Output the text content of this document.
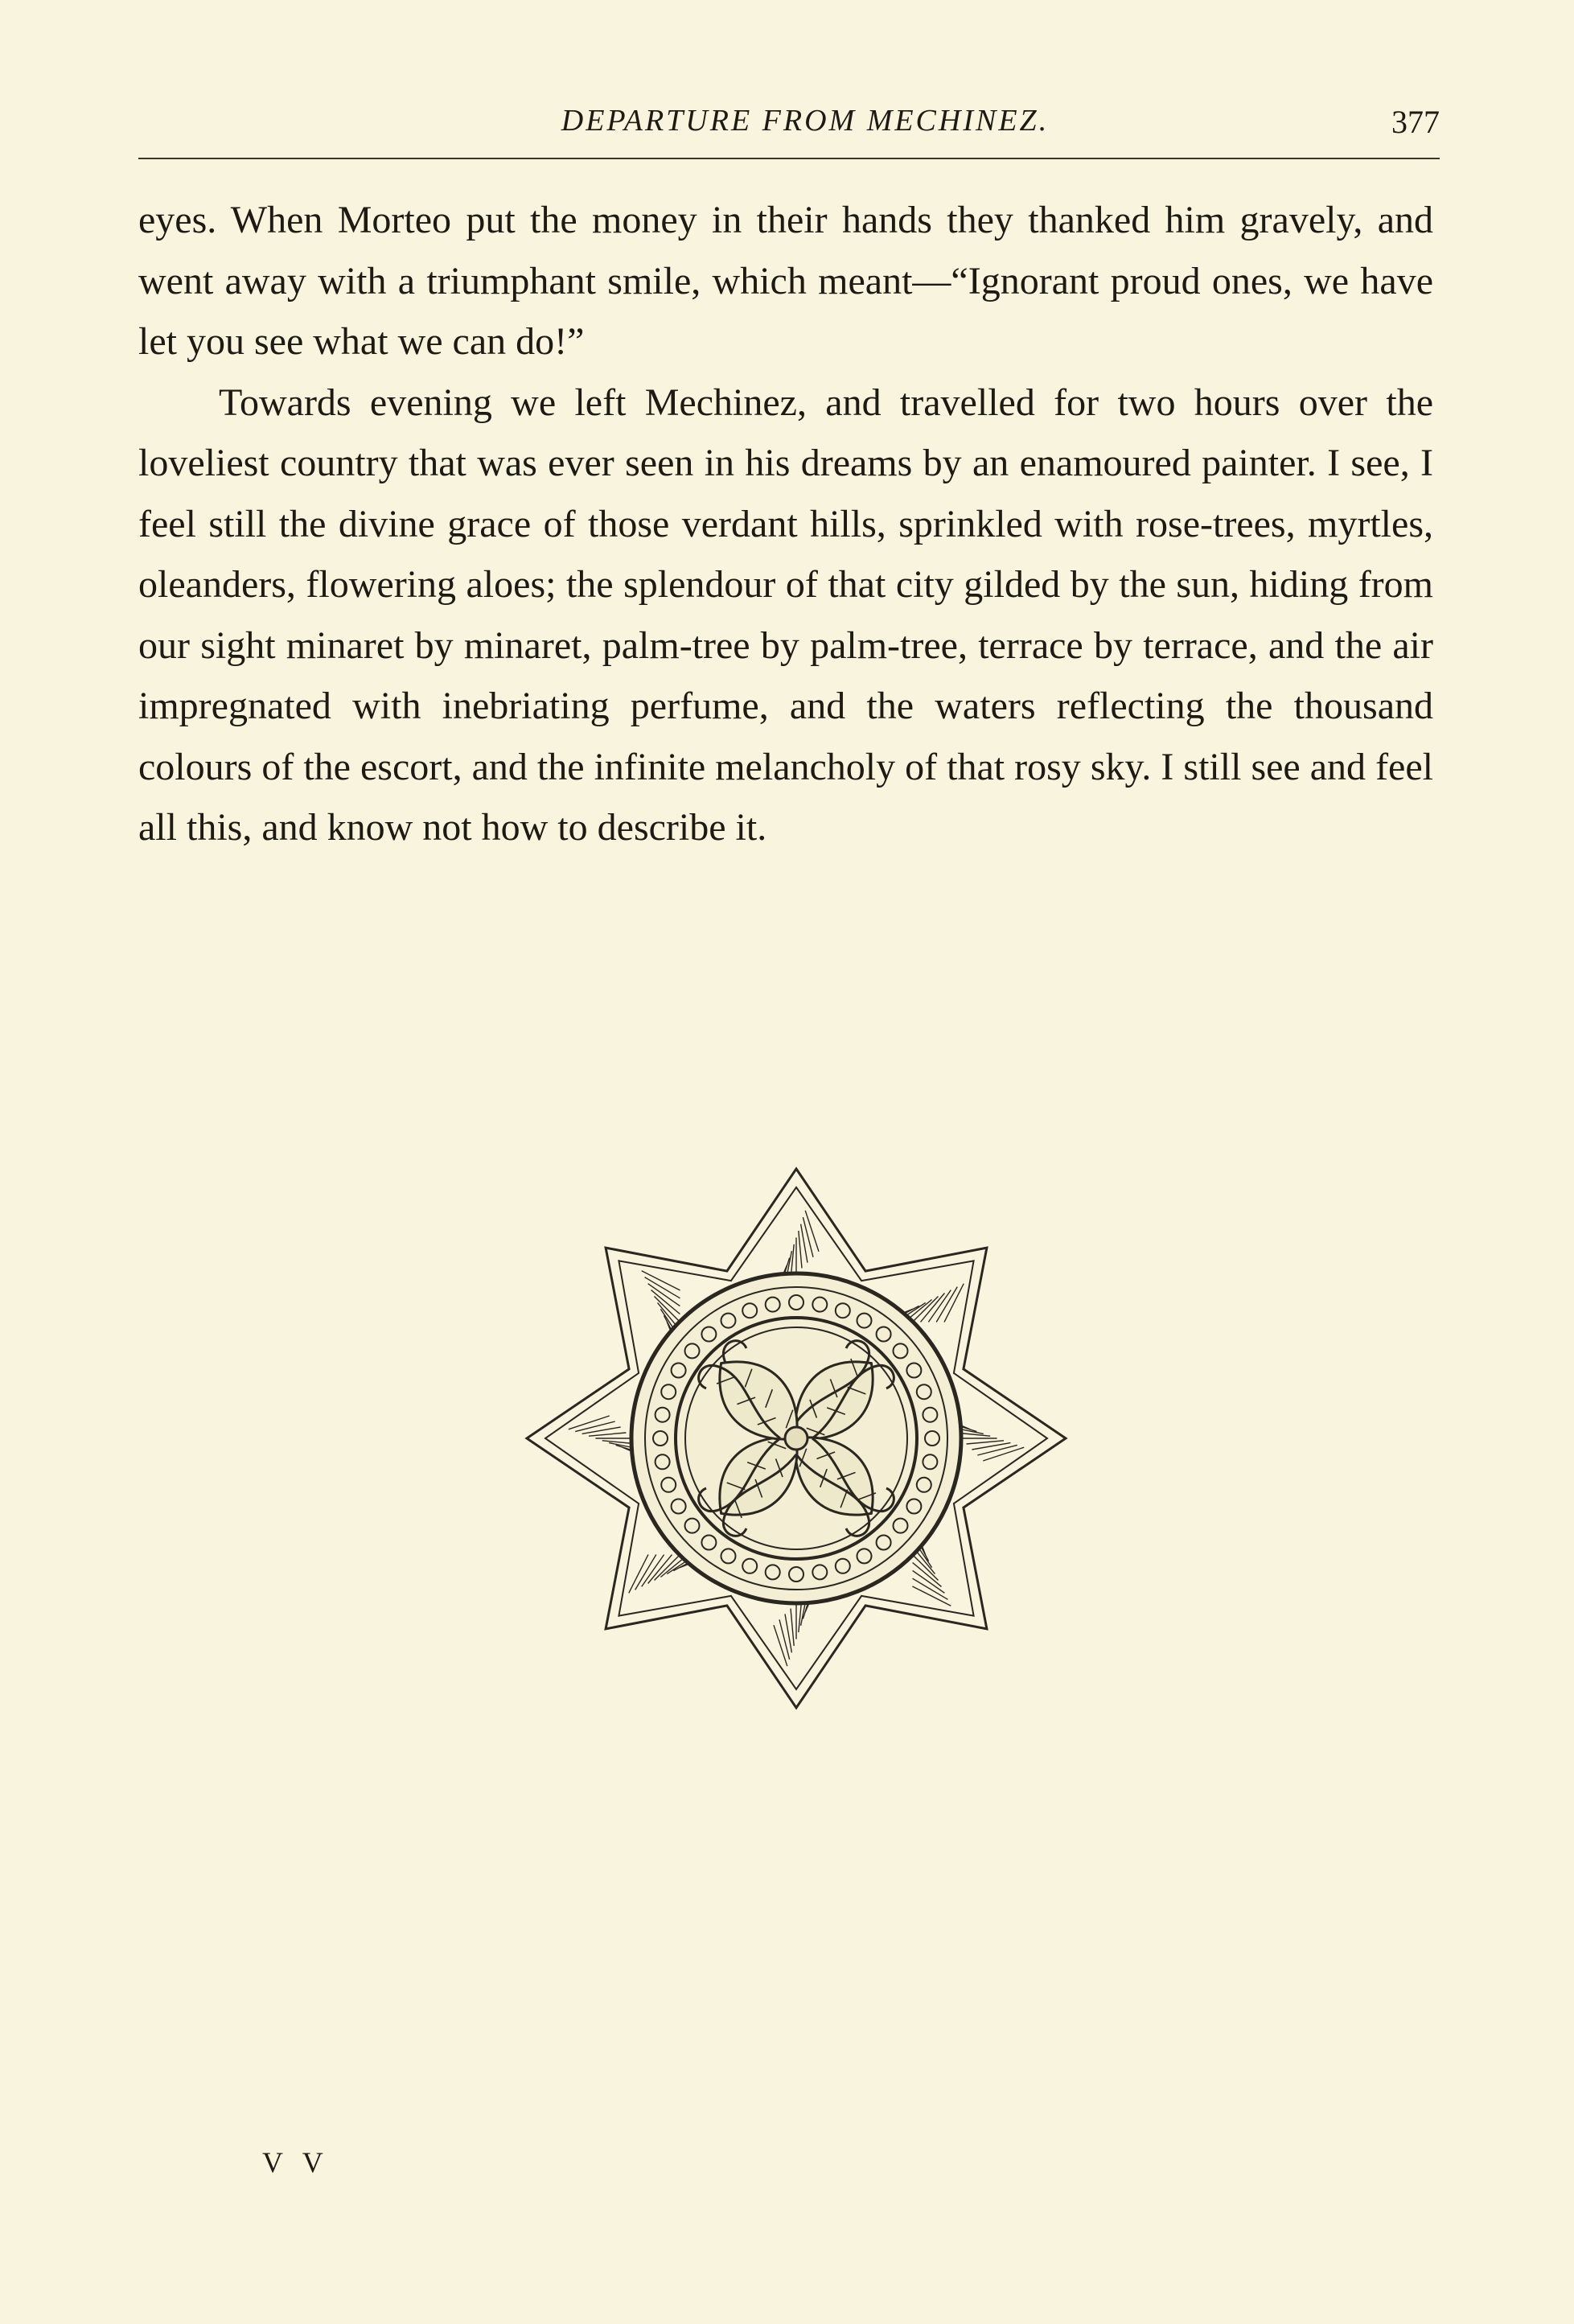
DEPARTURE FROM MECHINEZ.	377

eyes. When Morteo put the money in their hands they thanked him gravely, and went away with a triumphant smile, which meant—“Ignorant proud ones, we have let you see what we can do!”

Towards evening we left Mechinez, and travelled for two hours over the loveliest country that was ever seen in his dreams by an enamoured painter. I see, I feel still the divine grace of those verdant hills, sprinkled with rose-trees, myrtles, oleanders, flowering aloes; the splendour of that city gilded by the sun, hiding from our sight minaret by minaret, palm-tree by palm-tree, terrace by terrace, and the air impregnated with inebriating perfume, and the waters reflecting the thousand colours of the escort, and the infinite melancholy of that rosy sky. I still see and feel all this, and know not how to describe it.

V V
